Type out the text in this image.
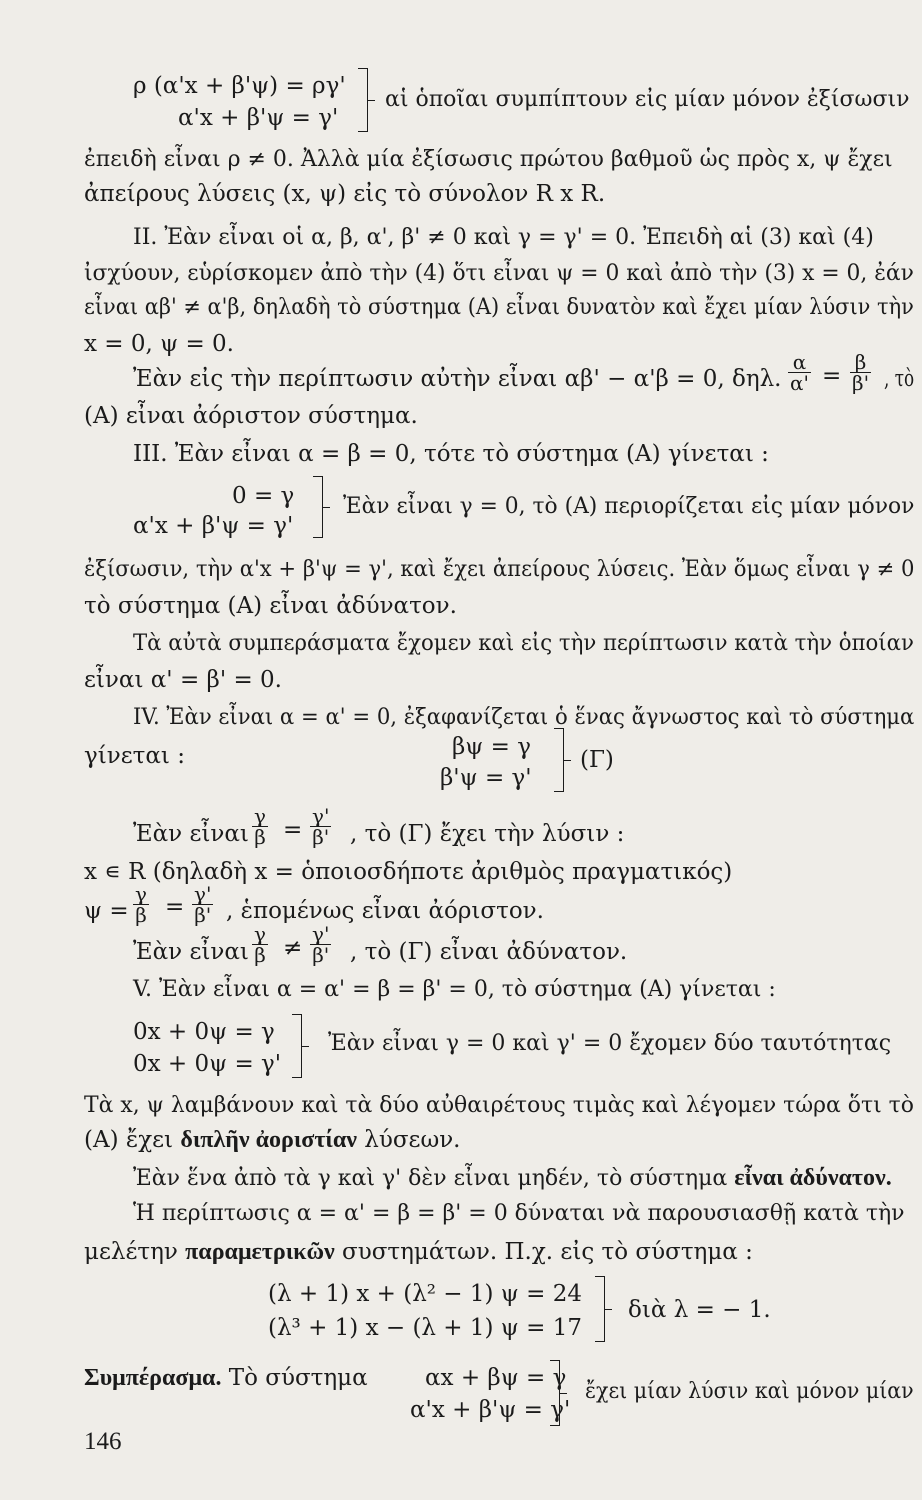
ρ (α'x + β'ψ) = ργ'
α'x + β'ψ = γ'
αἱ ὁποῖαι συμπίπτουν εἰς μίαν μόνον ἐξίσωσιν
ἐπειδὴ εἶναι ρ ≠ 0. Ἀλλὰ μία ἐξίσωσις πρώτου βαθμοῦ ὡς πρὸς x, ψ ἔχει
ἀπείρους λύσεις (x, ψ) εἰς τὸ σύνολον R x R.
II. Ἐὰν εἶναι οἱ α, β, α', β' ≠ 0 καὶ γ = γ' = 0. Ἐπειδὴ αἱ (3) καὶ (4)
ἰσχύουν, εὑρίσκομεν ἀπὸ τὴν (4) ὅτι εἶναι ψ = 0 καὶ ἀπὸ τὴν (3) x = 0, ἐάν
εἶναι αβ' ≠ α'β, δηλαδὴ τὸ σύστημα (Α) εἶναι δυνατὸν καὶ ἔχει μίαν λύσιν τὴν
x = 0, ψ = 0.
Ἐὰν εἰς τὴν περίπτωσιν αὐτὴν εἶναι αβ' − α'β = 0, δηλ. $\frac{\alpha}{\alpha'} = \frac{\beta}{\beta'}$ , τὸ
(Α) εἶναι ἀόριστον σύστημα.
III. Ἐὰν εἶναι α = β = 0, τότε τὸ σύστημα (Α) γίνεται :
0 = γ
α'x + β'ψ = γ'
Ἐὰν εἶναι γ = 0, τὸ (Α) περιορίζεται εἰς μίαν μόνον
ἐξίσωσιν, τὴν α'x + β'ψ = γ', καὶ ἔχει ἀπείρους λύσεις. Ἐὰν ὅμως εἶναι γ ≠ 0
τὸ σύστημα (Α) εἶναι ἀδύνατον.
Τὰ αὐτὰ συμπεράσματα ἔχομεν καὶ εἰς τὴν περίπτωσιν κατὰ τὴν ὁποίαν
εἶναι α' = β' = 0.
IV. Ἐὰν εἶναι α = α' = 0, ἐξαφανίζεται ὁ ἕνας ἄγνωστος καὶ τὸ σύστημα
γίνεται :	βψ = γ
β'ψ = γ'
(Γ)
Ἐὰν εἶναι $\frac{\gamma}{\beta} = \frac{\gamma'}{\beta'}$ , τὸ (Γ) ἔχει τὴν λύσιν :
x ∊ R (δηλαδὴ x = ὁποιοσδήποτε ἀριθμὸς πραγματικός)
$\psi = \frac{\gamma}{\beta} = \frac{\gamma'}{\beta'}$ , ἑπομένως εἶναι ἀόριστον.
Ἐὰν εἶναι $\frac{\gamma}{\beta} \ne \frac{\gamma'}{\beta'}$ , τὸ (Γ) εἶναι ἀδύνατον.
V. Ἐὰν εἶναι α = α' = β = β' = 0, τὸ σύστημα (Α) γίνεται :
0x + 0ψ = γ
0x + 0ψ = γ'
Ἐὰν εἶναι γ = 0 καὶ γ' = 0 ἔχομεν δύο ταυτότητας
Τὰ x, ψ λαμβάνουν καὶ τὰ δύο αὐθαιρέτους τιμὰς καὶ λέγομεν τώρα ὅτι τὸ
(Α) ἔχει διπλῆν ἀοριστίαν λύσεων.
Ἐὰν ἕνα ἀπὸ τὰ γ καὶ γ' δὲν εἶναι μηδέν, τὸ σύστημα εἶναι ἀδύνατον.
Ἡ περίπτωσις α = α' = β = β' = 0 δύναται νὰ παρουσιασθῇ κατὰ τὴν
μελέτην παραμετρικῶν συστημάτων. Π.χ. εἰς τὸ σύστημα :
(λ + 1) x + (λ² − 1) ψ = 24
(λ³ + 1) x − (λ + 1) ψ = 17
διὰ λ = − 1.
Συμπέρασμα. Τὸ σύστημα αx + βψ = γ
α'x + β'ψ = γ'
ἔχει μίαν λύσιν καὶ μόνον μίαν
146
